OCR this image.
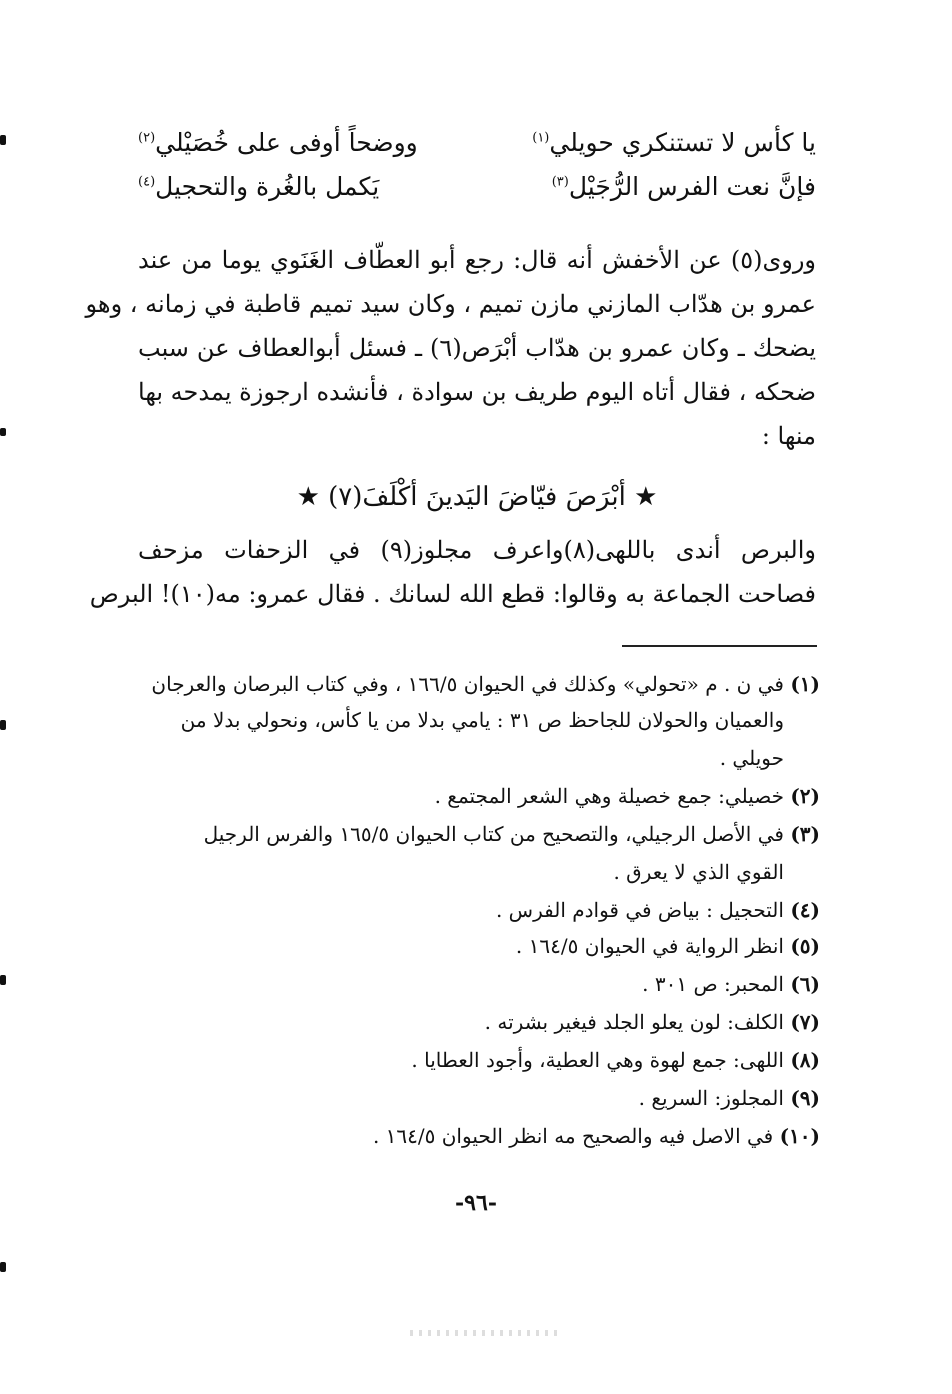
يا كأس لا تستنكري حويلي$^{(١)}$
ووضحاً أوفى على خُصَيْلي$^{(٢)}$
فإنَّ نعت الفرس الرُّجَيْل$^{(٣)}$
يَكمل بالغُرة والتحجيل$^{(٤)}$
وروى(٥) عن الأخفش أنه قال: رجع أبو العطّاف الغَنَوي يوما من عند
عمرو بن هدّاب المازني مازن تميم ، وكان سيد تميم قاطبة في زمانه ، وهو
يضحك ـ وكان عمرو بن هدّاب أبْرَص(٦) ـ فسئل أبوالعطاف عن سبب
ضحكه ، فقال أتاه اليوم طريف بن سوادة ، فأنشده ارجوزة يمدحه بها
منها :
★ أبْرَصَ فيّاضَ اليَدينَ أكْلَفَ(٧) ★
والبرص أندى باللهى(٨)واعرف مجلوز(٩) في الزحفات مزحف
فصاحت الجماعة به وقالوا: قطع الله لسانك . فقال عمرو: مه(١٠)! البرص
(١) في ن . م «تحولي» وكذلك في الحيوان ١٦٦/٥ ، وفي كتاب البرصان والعرجان
والعميان والحولان للجاحظ ص ٣١ : يامي بدلا من يا كأس، ونحولي بدلا من
حويلي .
(٢) خصيلي: جمع خصيلة وهي الشعر المجتمع .
(٣) في الأصل الرجيلي، والتصحيح من كتاب الحيوان ١٦٥/٥ والفرس الرجيل
القوي الذي لا يعرق .
(٤) التحجيل : بياض في قوادم الفرس .
(٥) انظر الرواية في الحيوان ١٦٤/٥ .
(٦) المحبر: ص ٣٠١ .
(٧) الكلف: لون يعلو الجلد فيغير بشرته .
(٨) اللهى: جمع لهوة وهي العطية، وأجود العطايا .
(٩) المجلوز: السريع .
(١٠) في الاصل فيه والصحيح مه انظر الحيوان ١٦٤/٥ .
-٩٦-
